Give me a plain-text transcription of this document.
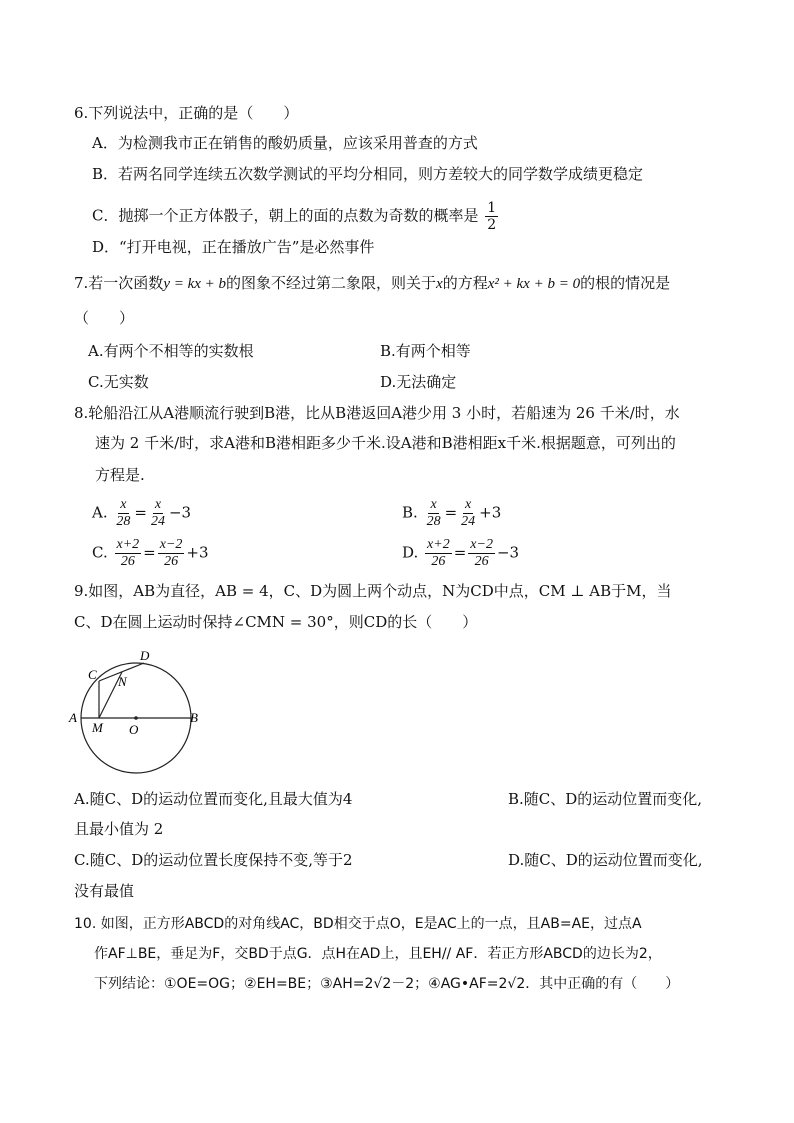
6.下列说法中，正确的是（　　）
A．为检测我市正在销售的酸奶质量，应该采用普查的方式
B．若两名同学连续五次数学测试的平均分相同，则方差较大的同学数学成绩更稳定
C．抛掷一个正方体骰子，朝上的面的点数为奇数的概率是 $\frac{1}{2}$
D．“打开电视，正在播放广告”是必然事件
7.若一次函数y = kx + b的图象不经过第二象限，则关于x的方程x² + kx + b = 0的根的情况是
（　　）
A.有两个不相等的实数根	B.有两个相等
C.无实数	D.无法确定
8.轮船沿江从A港顺流行驶到B港，比从B港返回A港少用 3 小时，若船速为 26 千米/时，水
速为 2 千米/时，求A港和B港相距多少千米.设A港和B港相距x千米.根据题意，可列出的
方程是.
A. $\frac{x}{28} = \frac{x}{24} -3$	B. $\frac{x}{28} = \frac{x}{24} +3$
C. $\frac{x+2}{26} = \frac{x-2}{26} +3$	D. $\frac{x+2}{26} = \frac{x-2}{26} -3$
9.如图，AB为直径，AB = 4，C、D为圆上两个动点，N为CD中点，CM ⊥ AB于M，当
C、D在圆上运动时保持∠CMN = 30°，则CD的长（　　）
A	B
C
D
M
N
O
A.随C、D的运动位置而变化,且最大值为4	B.随C、D的运动位置而变化,
且最小值为 2
C.随C、D的运动位置长度保持不变,等于2	D.随C、D的运动位置而变化,
没有最值
10. 如图，正方形ABCD的对角线AC，BD相交于点O，E是AC上的一点，且AB=AE，过点A
作AF⊥BE，垂足为F，交BD于点G．点H在AD上，且EH// AF．若正方形ABCD的边长为2，
下列结论：①OE=OG；②EH=BE；③AH=2√2－2；④AG•AF=2√2．其中正确的有（　　）
